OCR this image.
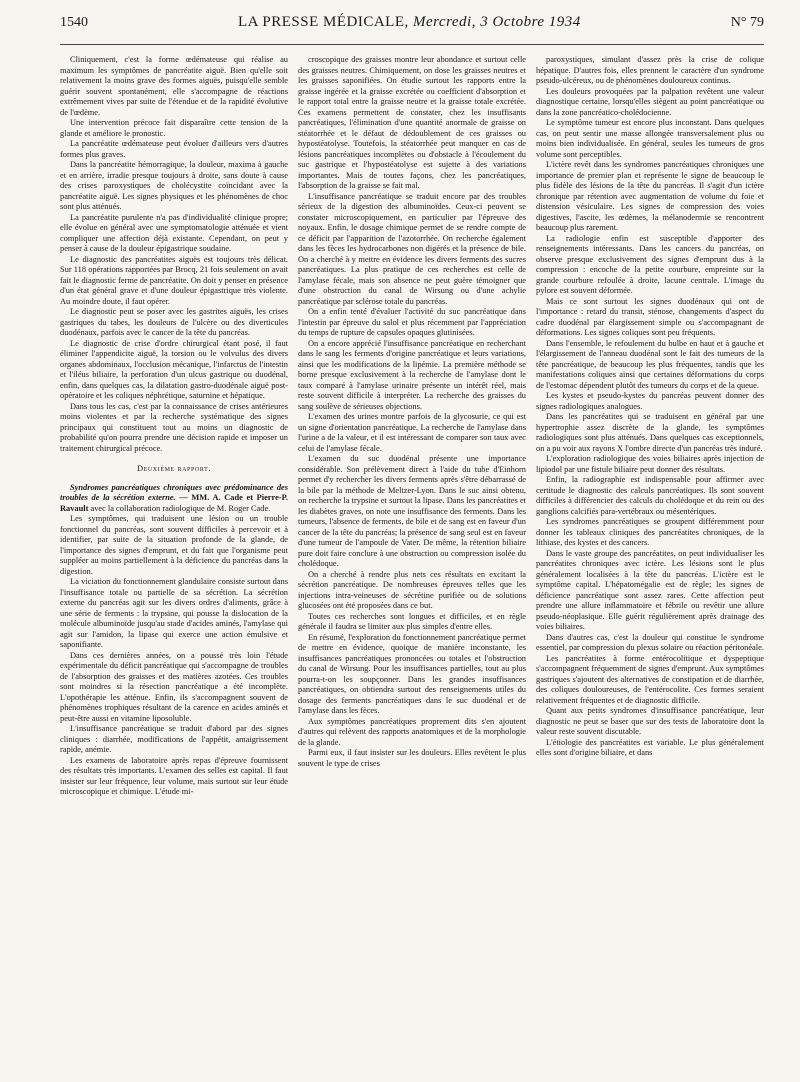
1540	LA PRESSE MÉDICALE, Mercredi, 3 Octobre 1934	N° 79

Cliniquement, c'est la forme œdémateuse qui réalise au maximum les symptômes de pancréatite aiguë. Bien qu'elle soit relativement la moins grave des formes aiguës, puisqu'elle semble guérir souvent spontanément, elle s'accompagne de réactions extrêmement vives par suite de l'étendue et de la rapidité évolutive de l'œdème.

Une intervention précoce fait disparaître cette tension de la glande et améliore le pronostic.

La pancréatite œdémateuse peut évoluer d'ailleurs vers d'autres formes plus graves.

Dans la pancréatite hémorragique, la douleur, maxima à gauche et en arrière, irradie presque toujours à droite, sans doute à cause des crises paroxystiques de cholécystite coïncidant avec la pancréatite aiguë. Les signes physiques et les phénomènes de choc sont plus atténués.

La pancréatite purulente n'a pas d'individualité clinique propre; elle évolue en général avec une symptomatologie atténuée et vient compliquer une affection déjà existante. Cependant, on peut y penser à cause de la douleur épigastrique soudaine.

Le diagnostic des pancréatites aiguës est toujours très délicat. Sur 118 opérations rapportées par Brocq, 21 fois seulement on avait fait le diagnostic ferme de pancréatite. On doit y penser en présence d'un état général grave et d'une douleur épigastrique très violente. Au moindre doute, il faut opérer.

Le diagnostic peut se poser avec les gastrites aiguës, les crises gastriques du tabes, les douleurs de l'ulcère ou des diverticules duodénaux, parfois avec le cancer de la tête du pancréas.

Le diagnostic de crise d'ordre chirurgical étant posé, il faut éliminer l'appendicite aiguë, la torsion ou le volvulus des divers organes abdominaux, l'occlusion mécanique, l'infarctus de l'intestin et l'iléus biliaire, la perforation d'un ulcus gastrique ou duodénal, enfin, dans quelques cas, la dilatation gastro-duodénale aiguë post-opératoire et les coliques néphrétique, saturnine et hépatique.

Dans tous les cas, c'est par la connaissance de crises antérieures moins violentes et par la recherche systématique des signes principaux qui constituent tout au moins un diagnostic de probabilité qu'on pourra prendre une décision rapide et imposer un traitement chirurgical précoce.

Deuxième rapport.

Syndromes pancréatiques chroniques avec prédominance des troubles de la sécrétion externe. — MM. A. Cade et Pierre-P. Ravault avec la collaboration radiologique de M. Roger Cade.

Les symptômes, qui traduisent une lésion ou un trouble fonctionnel du pancréas, sont souvent difficiles à percevoir et à identifier, par suite de la situation profonde de la glande, de l'importance des signes d'emprunt, et du fait que l'organisme peut suppléer au moins partiellement à la déficience du pancréas dans la digestion.

La viciation du fonctionnement glandulaire consiste surtout dans l'insuffisance totale ou partielle de sa sécrétion. La sécrétion externe du pancréas agit sur les divers ordres d'aliments, grâce à une série de ferments : la trypsine, qui pousse la dislocation de la molécule albuminoïde jusqu'au stade d'acides aminés, l'amylase qui agit sur l'amidon, la lipase qui exerce une action émulsive et saponifiante.

Dans ces dernières années, on a poussé très loin l'étude expérimentale du déficit pancréatique qui s'accompagne de troubles de l'absorption des graisses et des matières azotées. Ces troubles sont moindres si la résection pancréatique a été incomplète. L'opothérapie les atténue. Enfin, ils s'accompagnent souvent de phénomènes trophiques résultant de la carence en acides aminés et peut-être aussi en vitamine liposoluble.

L'insuffisance pancréatique se traduit d'abord par des signes cliniques : diarrhée, modifications de l'appétit, amaigrissement rapide, anémie.

Les examens de laboratoire après repas d'épreuve fournissent des résultats très importants. L'examen des selles est capital. Il faut insister sur leur fréquence, leur volume, mais surtout sur leur étude microscopique et chimique. L'étude mi-

croscopique des graisses montre leur abondance et surtout celle des graisses neutres. Chimiquement, on dose les graisses neutres et les graisses saponifiées. On étudie surtout les rapports entre la graisse ingérée et la graisse excrétée ou coefficient d'absorption et le rapport total entre la graisse neutre et la graisse totale excrétée. Ces examens permettent de constater, chez les insuffisants pancréatiques, l'élimination d'une quantité anormale de graisse on stéatorrhée et le défaut de dédoublement de ces graisses ou hypostéatolyse. Toutefois, la stéatorrhée peut manquer en cas de lésions pancréatiques incomplètes ou d'obstacle à l'écoulement du suc gastrique et l'hypostéatolyse est sujette à des variations importantes. Mais de toutes façons, chez les pancréatiques, l'absorption de la graisse se fait mal.

L'insuffisance pancréatique se traduit encore par des troubles sérieux de la digestion des albuminoïdes. Ceux-ci peuvent se constater microscopiquement, en particulier par l'épreuve des noyaux. Enfin, le dosage chimique permet de se rendre compte de ce déficit par l'apparition de l'azotorrhée. On recherche également dans les fèces les hydrocarbones non digérés et la présence de bile. On a cherché à y mettre en évidence les divers ferments des sucres pancréatiques. La plus pratique de ces recherches est celle de l'amylase fécale, mais son absence ne peut guère témoigner que d'une obstruction du canal de Wirsung ou d'une achylie pancréatique par sclérose totale du pancréas.

On a enfin tenté d'évaluer l'activité du suc pancréatique dans l'intestin par épreuve du salol et plus récemment par l'appréciation du temps de rupture de capsules opaques glutinisées.

On a encore apprécié l'insuffisance pancréatique en recherchant dans le sang les ferments d'origine pancréatique et leurs variations, ainsi que les modifications de la lipémie. La première méthode se borne presque exclusivement à la recherche de l'amylase dont le taux comparé à l'amylase urinaire présente un intérêt réel, mais reste souvent difficile à interpréter. La recherche des graisses du sang soulève de sérieuses objections.

L'examen des urines montre parfois de la glycosurie, ce qui est un signe d'orientation pancréatique. La recherche de l'amylase dans l'urine a de la valeur, et il est intéressant de comparer son taux avec celui de l'amylase fécale.

L'examen du suc duodénal présente une importance considérable. Son prélèvement direct à l'aide du tube d'Einhorn permet d'y rechercher les divers ferments après s'être débarrassé de la bile par la méthode de Meltzer-Lyon. Dans le suc ainsi obtenu, on recherche la trypsine et surtout la lipase. Dans les pancréatites et les diabètes graves, on note une insuffisance des ferments. Dans les tumeurs, l'absence de ferments, de bile et de sang est en faveur d'un cancer de la tête du pancréas; la présence de sang seul est en faveur d'une tumeur de l'ampoule de Vater. De même, la rétention biliaire pure doit faire conclure à une obstruction ou compression isolée du cholédoque.

On a cherché à rendre plus nets ces résultats en excitant la sécrétion pancréatique. De nombreuses épreuves telles que les injections intra-veineuses de sécrétine purifiée ou de solutions glucosées ont été proposées dans ce but.

Toutes ces recherches sont longues et difficiles, et en règle générale il faudra se limiter aux plus simples d'entre elles.

En résumé, l'exploration du fonctionnement pancréatique permet de mettre en évidence, quoique de manière inconstante, les insuffisances pancréatiques prononcées ou totales et l'obstruction du canal de Wirsung. Pour les insuffisances partielles, tout au plus pourra-t-on les soupçonner. Dans les grandes insuffisances pancréatiques, on obtiendra surtout des renseignements utiles du dosage des ferments pancréatiques dans le suc duodénal et de l'amylase dans les fèces.

Aux symptômes pancréatiques proprement dits s'en ajoutent d'autres qui relèvent des rapports anatomiques et de la morphologie de la glande.

Parmi eux, il faut insister sur les douleurs. Elles revêtent le plus souvent le type de crises

paroxystiques, simulant d'assez près la crise de colique hépatique. D'autres fois, elles prennent le caractère d'un syndrome pseudo-ulcéreux, ou de phénomènes douloureux continus.

Les douleurs provoquées par la palpation revêtent une valeur diagnostique certaine, lorsqu'elles siègent au point pancréatique ou dans la zone pancréatico-cholédocienne.

Le symptôme tumeur est encore plus inconstant. Dans quelques cas, on peut sentir une masse allongée transversalement plus ou moins bien individualisée. En général, seules les tumeurs de gros volume sont perceptibles.

L'ictère revêt dans les syndromes pancréatiques chroniques une importance de premier plan et représente le signe de beaucoup le plus fidèle des lésions de la tête du pancréas. Il s'agit d'un ictère chronique par rétention avec augmentation de volume du foie et distension vésiculaire. Les signes de compression des voies digestives, l'ascite, les œdèmes, la mélanodermie se rencontrent beaucoup plus rarement.

La radiologie enfin est susceptible d'apporter des renseignements intéressants. Dans les cancers du pancréas, on observe presque exclusivement des signes d'emprunt dus à la compression : encoche de la petite courbure, empreinte sur la grande courbure refoulée à droite, lacune centrale. L'image du pylore est souvent déformée.

Mais ce sont surtout les signes duodénaux qui ont de l'importance : retard du transit, sténose, changements d'aspect du cadre duodénal par élargissement simple ou s'accompagnant de déformations. Les signes coliques sont peu fréquents.

Dans l'ensemble, le refoulement du bulbe en haut et à gauche et l'élargissement de l'anneau duodénal sont le fait des tumeurs de la tête pancréatique, de beaucoup les plus fréquentes, tandis que les manifestations coliques ainsi que certaines déformations du corps de l'estomac dépendent plutôt des tumeurs du corps et de la queue.

Les kystes et pseudo-kystes du pancréas peuvent donner des signes radiologiques analogues.

Dans les pancréatites qui se traduisent en général par une hypertrophie assez discrète de la glande, les symptômes radiologiques sont plus atténués. Dans quelques cas exceptionnels, on a pu voir aux rayons X l'ombre directe d'un pancréas très induré.

L'exploration radiologique des voies biliaires après injection de lipiodol par une fistule biliaire peut donner des résultats.

Enfin, la radiographie est indispensable pour affirmer avec certitude le diagnostic des calculs pancréatiques. Ils sont souvent difficiles à différencier des calculs du cholédoque et du rein ou des ganglions calcifiés para-vertébraux ou mésentériques.

Les syndromes pancréatiques se groupent différemment pour donner les tableaux cliniques des pancréatites chroniques, de la lithiase, des kystes et des cancers.

Dans le vaste groupe des pancréatites, on peut individualiser les pancréatites chroniques avec ictère. Les lésions sont le plus généralement localisées à la tête du pancréas. L'ictère est le symptôme capital. L'hépatomégalie est de règle; les signes de déficience pancréatique sont assez rares. Cette affection peut prendre une allure inflammatoire et fébrile ou revêtir une allure pseudo-néoplasique. Elle guérit régulièrement après drainage des voies biliaires.

Dans d'autres cas, c'est la douleur qui constitue le syndrome essentiel, par compression du plexus solaire ou réaction péritonéale.

Les pancréatites à forme entérocolitique et dyspeptique s'accompagnent fréquemment de signes d'emprunt. Aux symptômes gastriques s'ajoutent des alternatives de constipation et de diarrhée, des coliques douloureuses, de l'entérocolite. Ces formes seraient relativement fréquentes et de diagnostic difficile.

Quant aux petits syndromes d'insuffisance pancréatique, leur diagnostic ne peut se baser que sur des tests de laboratoire dont la valeur reste souvent discutable.

L'étiologie des pancréatites est variable. Le plus généralement elles sont d'origine biliaire, et dans
